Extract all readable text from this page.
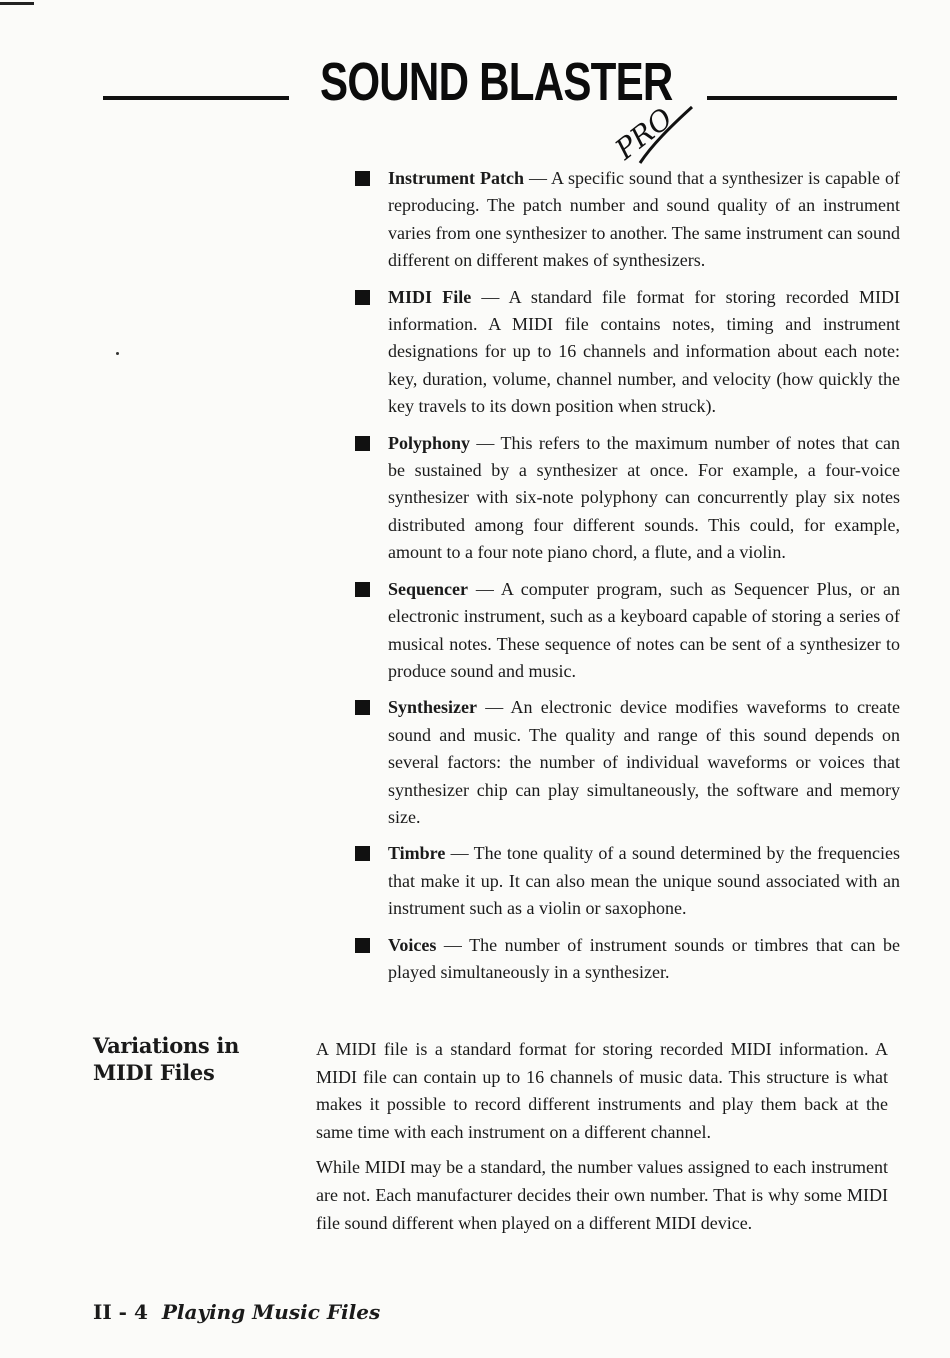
SOUND BLASTER
PRO
Instrument Patch — A specific sound that a synthesizer is capable of reproducing. The patch number and sound quality of an instrument varies from one synthesizer to another. The same instrument can sound different on different makes of synthesizers.
MIDI File — A standard file format for storing recorded MIDI information. A MIDI file contains notes, timing and instrument designations for up to 16 channels and information about each note: key, duration, volume, channel number, and velocity (how quickly the key travels to its down position when struck).
Polyphony — This refers to the maximum number of notes that can be sustained by a synthesizer at once. For example, a four-voice synthesizer with six-note polyphony can concurrently play six notes distributed among four different sounds. This could, for example, amount to a four note piano chord, a flute, and a violin.
Sequencer — A computer program, such as Sequencer Plus, or an electronic instrument, such as a keyboard capable of storing a series of musical notes. These sequence of notes can be sent of a synthesizer to produce sound and music.
Synthesizer — An electronic device modifies waveforms to create sound and music. The quality and range of this sound depends on several factors: the number of individual waveforms or voices that synthesizer chip can play simultaneously, the software and memory size.
Timbre — The tone quality of a sound determined by the frequencies that make it up. It can also mean the unique sound associated with an instrument such as a violin or saxophone.
Voices — The number of instrument sounds or timbres that can be played simultaneously in a synthesizer.
Variations in
MIDI Files

A MIDI file is a standard format for storing recorded MIDI information. A MIDI file can contain up to 16 channels of music data. This structure is what makes it possible to record different instruments and play them back at the same time with each instrument on a different channel.

While MIDI may be a standard, the number values assigned to each instrument are not. Each manufacturer decides their own number. That is why some MIDI file sound different when played on a different MIDI device.

II - 4 Playing Music Files
